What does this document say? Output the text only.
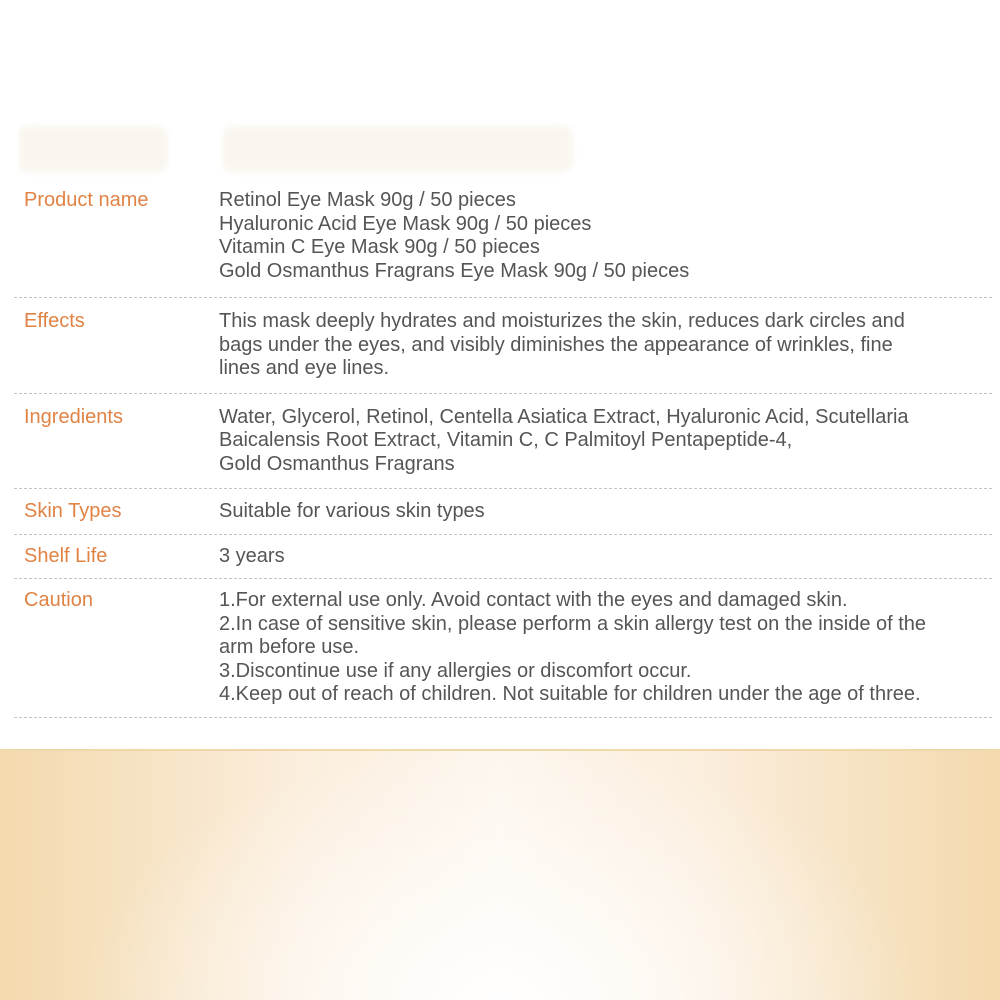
Product name	Retinol Eye Mask 90g / 50 pieces
Hyaluronic Acid Eye Mask 90g / 50 pieces
Vitamin C Eye Mask 90g / 50 pieces
Gold Osmanthus Fragrans Eye Mask 90g / 50 pieces
Effects	This mask deeply hydrates and moisturizes the skin, reduces dark circles and
bags under the eyes, and visibly diminishes the appearance of wrinkles, fine
lines and eye lines.
Ingredients	Water, Glycerol, Retinol, Centella Asiatica Extract, Hyaluronic Acid, Scutellaria
Baicalensis Root Extract, Vitamin C, C Palmitoyl Pentapeptide-4,
Gold Osmanthus Fragrans
Skin Types	Suitable for various skin types
Shelf Life	3 years
Caution	1.For external use only. Avoid contact with the eyes and damaged skin.
2.In case of sensitive skin, please perform a skin allergy test on the inside of the
arm before use.
3.Discontinue use if any allergies or discomfort occur.
4.Keep out of reach of children. Not suitable for children under the age of three.
